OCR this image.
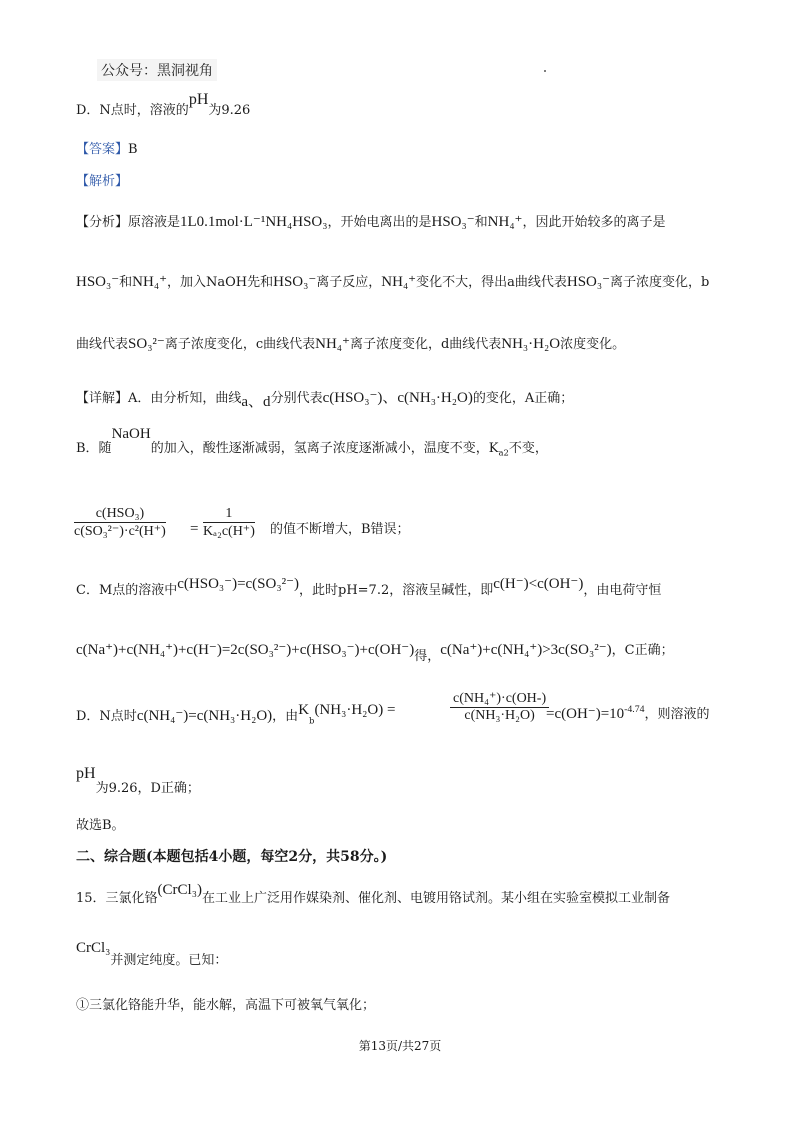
公众号：黑洞视角
D．N点时，溶液的pH为9.26
【答案】B
【解析】
【分析】原溶液是1L0.1mol·L⁻¹NH₄HSO₃，开始电离出的是HSO₃⁻和NH₄⁺，因此开始较多的离子是
HSO₃⁻和NH₄⁺，加入NaOH先和HSO₃⁻离子反应，NH₄⁺变化不大，得出a曲线代表HSO₃⁻离子浓度变化，b
曲线代表SO₃²⁻离子浓度变化，c曲线代表NH₄⁺离子浓度变化，d曲线代表NH₃·H₂O浓度变化。
【详解】A．由分析知，曲线a、d分别代表c(HSO₃⁻)、c(NH₃·H₂O)的变化，A正确；
B．随NaOH的加入，酸性逐渐减弱，氢离子浓度逐渐减小，温度不变，$K_{a2}$不变，
c(HSO₃)
$c(SO_3^{2-})\cdot c^2(H^+) = \frac{1}{\text{Kₐ₂c(H⁺)}}$ 的值不断增大，B错误；
C．M点的溶液中c(HSO₃⁻)=c(SO₃²⁻)，此时pH=7.2，溶液呈碱性，即c(H⁻)<c(OH⁻)，由电荷守恒
c(Na⁺)+c(NH₄⁺)+c(H⁻)=2c(SO₃²⁻)+c(HSO₃⁻)+c(OH⁻)得，c(Na⁺)+c(NH₄⁺)>3c(SO₃²⁻)，C正确；
D．N点时c(NH₄⁻)=c(NH₃·H₂O)，由$K_b(NH_3\cdot H_2O)$ =	$\frac{\text{c(NH₄⁺)·c(OH-)}}{\text{c(NH₃·H₂O)}}$
$=c(OH^-)=10^{-4.74}$，则溶液的
pH为9.26，D正确；
故选B。
二、综合题(本题包括4小题，每空2分，共58分。)
15．三氯化铬(CrCl₃)在工业上广泛用作媒染剂、催化剂、电镀用铬试剂。某小组在实验室模拟工业制备
CrCl₃并测定纯度。已知：
①三氯化铬能升华，能水解，高温下可被氧气氧化；
第13页/共27页
